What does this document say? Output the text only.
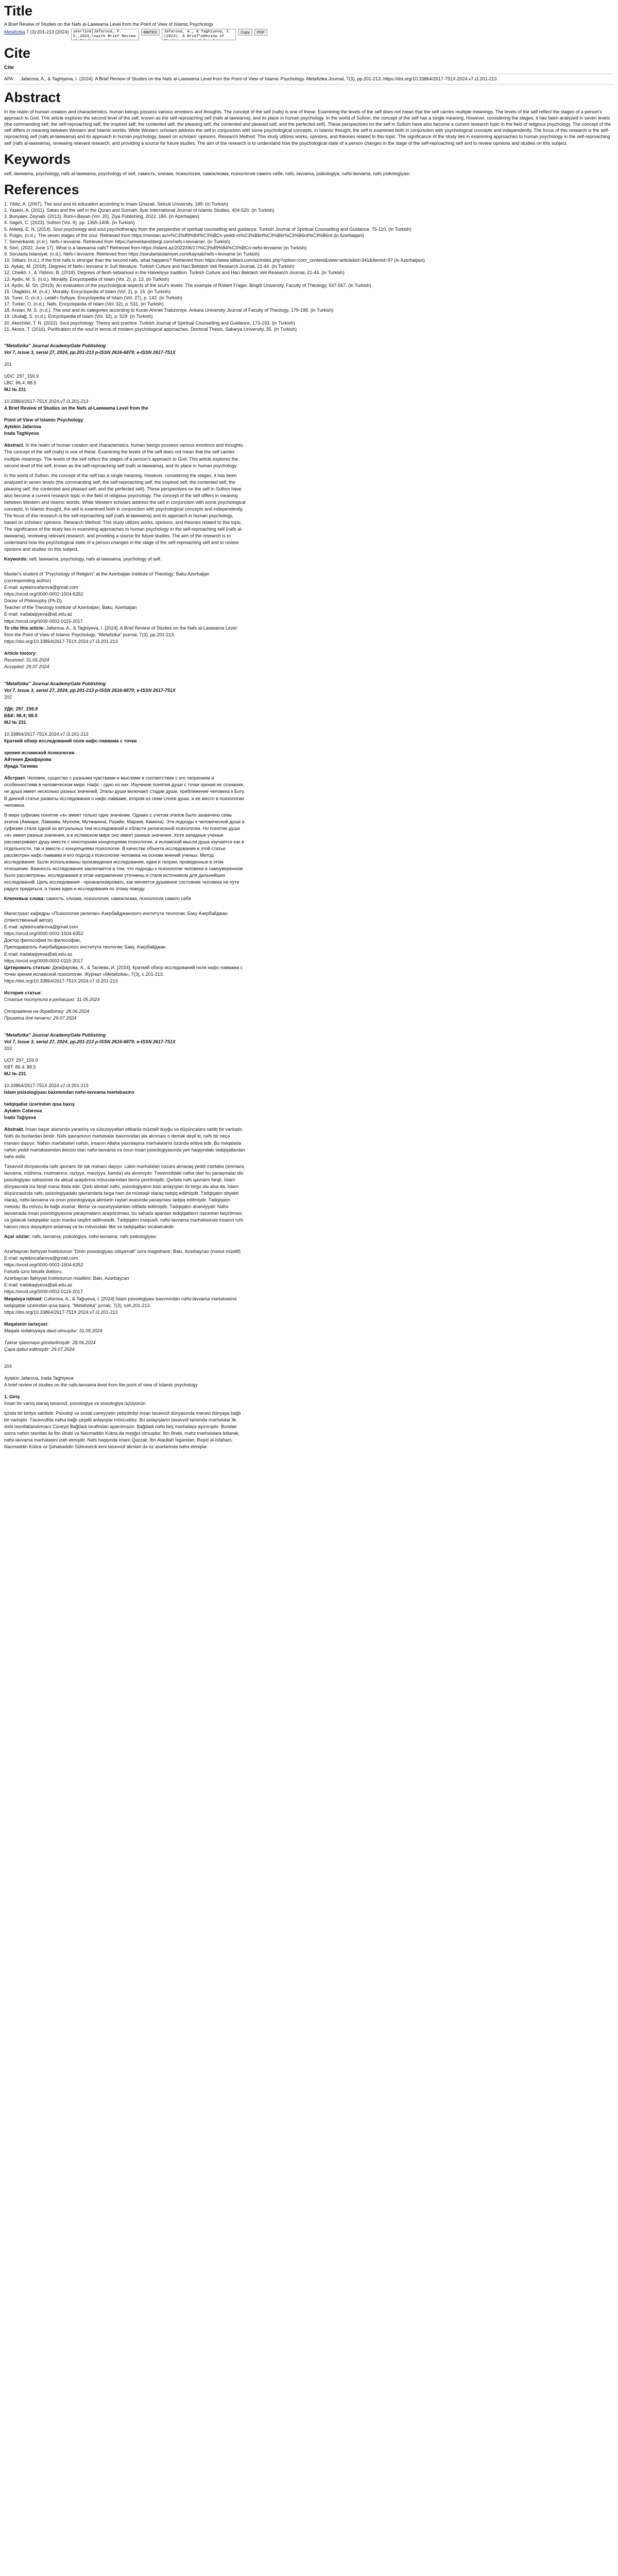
Title

A Brief Review of Studies on the Nafs al-Lawwama Level from the Point of View of Islamic Psychology

Metafizika 7 (3):201-213 (2024)
yearlink[Jafarova, F. S.,2024,\nwith Brief Review of Studies on the	BIBTEX
Jafarova, A., & Taghiyeva, I. (2024). A Brief\nReview of Studies on the Nafs al-Lawwama	Copy	PDF
Cite
Cite
APA Jafarova, A., & Taghiyeva, I. (2024). A Brief Review of Studies on the Nafs al-Lawwama Level from the Point of View of Islamic Psychology. Metafizika Journal, 7(3), pp.201-213. https://doi.org/10.33864/2617-751X.2024.v7.i3.201-213
Abstract

In the realm of human creation and characteristics, human beings possess various emotions and thoughts. The concept of the self (nafs) is one of these. Examining the levels of the self does not mean that the self carries multiple meanings. The levels of the self reflect the stages of a person's approach to God. This article explores the second level of the self, known as the self-reproaching self (nafs al-lawwama), and its place in human psychology. In the world of Sufism, the concept of the self has a single meaning. However, considering the stages, it has been analyzed in seven levels (the commanding self, the self-reproaching self, the inspired self, the contented self, the pleasing self, the contented and pleased self, and the perfected self). These perspectives on the self in Sufism have also become a current research topic in the field of religious psychology. The concept of the self differs in meaning between Western and Islamic worlds. While Western scholars address the self in conjunction with some psychological concepts, in Islamic thought, the self is examined both in conjunction with psychological concepts and independently. The focus of this research is the self-reproaching self (nafs al-lawwama) and its approach in human psychology, based on scholars' opinions. Research Method: This study utilizes works, opinions, and theories related to this topic. The significance of the study lies in examining approaches to human psychology in the self-reproaching self (nafs al-lawwama), reviewing relevant research, and providing a source for future studies. The aim of the research is to understand how the psychological state of a person changes in the stage of the self-reproaching self and to review opinions and studies on this subject.

Keywords

self, lawwama, psychology, nafs al-lawwama, psychology of self, самость, клизма, психология, самоклизма, психология самого себя, nəfs, lavvama, psikologiya, nəfsi-lavvama, nəfs psikologiyası

References
1. Yildiz, A. (2007). The soul and its education according to Imam Ghazali. Selcuk University, 189. (in Turkish)
2. Yasein, A. (2011). Satan and the self in the Quran and Sunnah. Ilyar International Journal of Islamic Studies, 404-520. (in Turkish)
3. Bunyaev, Zeynab. (2013). Ruhi-i-Bayan (Vol. 20). Ziya Publishing, 2022, 184. (in Azerbaijani)
4. Sagirli, C. (2023). Sufism (Vol. 9). pp. 1365-1406. (in Turkish)
5. Aldeeji, E. N. (2014). Soul psychology and soul psychotherapy from the perspective of spiritual counselling and guidance. Turkish Journal of Spiritual Counselling and Guidance, 75-110. (in Turkish)
6. Pulgin, (n.d.). The seven stages of the soul. Retrieved from https://mindan.az/v%C3%89%84%C3%BCn-yeddi-m%C3%B6rt%C3%B6r%C3%B6rd%C3%B6rd (in Azerbaijani)
7. Semerkandi. (n.d.). Nefs-i levvame. Retrieved from https://semerkanddergi.com/nefs-i-levvame/. (in Turkish)
8. Sisri, (2022, June 17). What is a lawwama nafs? Retrieved from https://islami.az/2022/06/17/%C3%89%84%C3%BCn-nefsi-levvame/ (in Turkish)
9. Sorularla Islamiyet. (n.d.). Nefs-i levvame. Retrieved from https://sorularlaislamiyet.com/kaynak/nefs-i-levvame (in Turkish)
10. Siltlani, (n.d.). If the first nafs is stronger than the second nafs, what happens? Retrieved from https://www.siltlani.com/az/index.php?option=com_content&view=article&id=341&Itemid=97 (in Azerbaijani)
11. Aykaç, M. (2018). Degrees of Nefs-i levvame in Sufi literature. Turkish Culture and Haci Bektash Veli Research Journal, 21-44. (in Turkish)
12. Cheikh, I., & Yildirim, B. (2018). Degrees of flesh-sebia/soul in the Halvetiyye tradition. Turkish Culture and Haci Bektash Veli Research Journal, 21-44. (in Turkish)
13. Aydin, M. S. (n.d.). Morality. Encyclopedia of Islam (Vol. 2), p. 13. (in Turkish)
14. Aydin, M. Sh. (2019). An evaluation of the psychological aspects of the soul's levels: The example of Robert Frager. Bingöl University, Faculty of Theology, 547-567. (in Turkish)
15. Ülagiklici, M. (n.d.). Morality. Encyclopedia of Islam (Vol. 2), p. 15. (in Turkish)
16. Turer, O. (n.d.). Letaif-i Sufiyye. Encyclopedia of Islam (Vol. 27), p. 143. (in Turkish)
17. Turker, O. (n.d.). Nafs. Encyclopedia of Islam (Vol. 32), p. 531. (in Turkish)
18. Arslan, M. S. (n.d.). The soul and its categories according to Kuran Ahmet Trabzoniye. Ankara University Journal of Faculty of Theology, 179-198. (in Turkish)
19. Uludağ, S. (n.d.). Encyclopedia of Islam (Vol. 32), p. 529. (in Turkish)
20. Akechiler, T. N. (2022). Soul psychology: Theory and practice. Turkish Journal of Spiritual Counselling and Guidance, 173-193. (in Turkish)
21. Akooz, T. (2016). Purification of the soul in terms of modern psychological approaches. Doctoral Thesis, Sakarya University, 35. (in Turkish)
"Metafizika" Journal AcademyGate Publishing
Vol 7, Issue 3, serial 27, 2024, pp.201-213 p-ISSN 2616-6879; e-ISSN 2617-751X
201
UDC: 297_159.9
LBC: 86.4; 88.5
MJ № 231
10.33864/2617-751X.2024.v7.i3.201-213
A Brief Review of Studies on the Nafs al-Lawwama Level from the
Point of View of Islamic Psychology
Aytekin Jafarova
Irada Taghiyeva

Abstract. In the realm of human creation and characteristics, human beings possess various emotions and thoughts. The concept of the self (nafs) is one of these. Examining the levels of the self does not mean that the self carries multiple meanings. The levels of the self reflect the stages of a person's approach to God. This article explores the second level of the self, known as the self-reproaching self (nafs al-lawwama), and its place in human psychology.

In the world of Sufism, the concept of the self has a single meaning. However, considering the stages, it has been analyzed in seven levels (the commanding self, the self-reproaching self, the inspired self, the contented self, the pleasing self, the contented and pleased self, and the perfected self). These perspectives on the self in Sufism have also become a current research topic in the field of religious psychology. The concept of the self differs in meaning between Western and Islamic worlds. While Western scholars address the self in conjunction with some psychological concepts, in Islamic thought, the self is examined both in conjunction with psychological concepts and independently. The focus of this research is the self-reproaching self (nafs al-lawwama) and its approach in human psychology, based on scholars' opinions. Research Method: This study utilizes works, opinions, and theories related to this topic. The significance of the study lies in examining approaches to human psychology in the self-reproaching self (nafs al-lawwama), reviewing relevant research, and providing a source for future studies. The aim of the research is to understand how the psychological state of a person changes in the stage of the self-reproaching self and to review opinions and studies on this subject.

Keywords: self, lawwama, psychology, nafs al-lawwama, psychology of self.

Master's student of "Psychology of Religion" at the Azerbaijan Institute of Theology; Baku Azerbaijan
(corresponding author)
E-mail: aytekincafarova@gmail.com
https://orcid.org/0000-0002-1504-6352
Doctor of Philosophy (Ph.D),
Teacher of the Theology Institute of Azerbaijan; Baku, Azerbaijan
E-mail: iradataqiyeva@ait.edu.az
https://orcid.org/0009-0002-0115-2017
To cite this article: Jafarova, A., & Taghiyeva, I. [2024]. A Brief Review of Studies on the Nafs al-Lawwama Level from the Point of View of Islamic Psychology. "Metafizika" journal, 7(3), pp.201-213.
https://doi.org/10.33864/2617-751X.2024.v7.i3.201-213
Article history:
Received: 31.05.2024
Accepted: 29.07.2024
"Metafizika" Journal AcademyGate Publishing
Vol 7, Issue 3, serial 27, 2024, pp.201-213 p-ISSN 2616-6879; e-ISSN 2617-751X
202
УДК: 297_159.9
ББК: 86.4; 88.5
MJ № 231
10.33864/2617-751X.2024.v7.i3.201-213
Краткий обзор исследований поля нафс-лаввама с точки
зрения исламской психологии
Айтекин Джафарова
Ирада Тагиева

Абстракт. Человек, существо с разными чувствами и мыслями в соответствии с его творением и особенностями в человеческом мире. Нафс - одно из них. Изучение понятия души с точки зрения ее сознания, не душа имеет несколько разных значений. Этапы души включают стадии души, приближение человека к Богу. В данной статье развиты исследования о нафс-лавваме, втором из семи слоев души, и ее место в психологии человека.

В мире суфизма понятие «я» имеет только одно значение. Однако с учетом этапов было захвачено семь этапов (Аммаре, Лаввама, Мулхем, Мутмаинна, Разийе, Марзия, Камила). Эти подходы к человеческой душе в суфизме стали одной из актуальных тем исследований в области религиозной психологии. Но понятие души «я» имеет разные значения, а в исламском мире оно имеет разные значения. Хотя западные ученые рассматривают душу вместе с некоторыми концепциями психологии, в исламской мысли душа изучается как в отдельности, так и вместе с концепциями психологии. В качестве объекта исследования в этой статье рассмотрен нафс-лаввама и его подход к психологии человека на основе мнений ученых. Метод исследования: Были использованы произведения исследования, идеи и теории, проведенные в этом отношении. Важность исследования заключается в том, что подходы к психологии человека в самоуверенном было рассмотрены, исследования в этом направлении уточнены и стали источником для дальнейших исследований. Цель исследования - проанализировать, как меняется душевное состояние человека на пути радуге придаться, а также идеи и исследования по этому поводу.

Ключевые слова: самость, клизма, психология, самоклизма, психология самого себя

Магистрант кафедры «Психология религии» Азербайджанского института теологии; Баку Азербайджан
(ответственный автор)
E-mail: aytekincafarova@gmail.com
https://orcid.org/0000-0002-1504-6352
Доктор философии по философии,
Преподаватель Азербайджанского института теологии; Баку, Азербайджан
E-mail: iradataqiyeva@ait.edu.az
https://orcid.org/0009-0002-0115-2017
Цитировать статью: Джафарова, А., & Тагиева, И. [2024]. Краткий обзор исследований поля нафс-лаввама с точки зрения исламской психологии. Журнал «Metafizika», 7(3), с.201-213.
https://doi.org/10.33864/2617-751X.2024.v7.i3.201-213
История статьи:
Статья поступила в редакцию: 31.05.2024
Отправлена на доработку: 28.06.2024
Принята для печати: 29.07.2024
"Metafizika" Journal AcademyGate Publishing
Vol 7, Issue 3, serial 27, 2024, pp.201-213 p-ISSN 2616-6879; e-ISSN 2617-751X
203
UOT: 297_159.9
KBT: 86.4; 88.5
MJ № 231
10.33864/2617-751X.2024.v7.i3.201-213
İslam psixologiyası baxımından nəfsi-lavvama mərtəbəsinə
tədqiqatlar üzərindən qısa baxış
Aytəkin Cəfərova
İradə Tağıyeva

Abstrakt. İnsan başar aləmində yaradılış və xüsusiyyətləri etibarilə müxtəlif duyğu və düşüncələrə sahib bir varlıqdır. Nəfs də bunlardan biridir. Nəfs qavramının mərtəbələr baxımından ələ alınması o demək deyil ki, nəfs bir neçə mənanı daşıyır. Nəfsin mərtəbələri nəfsin, insanın Allaha yaxınlaşma mərhələlərini özündə ehtiva edir. Bu məqalədə nəfsin yeddi mərtəbəsindən ikincisi olan nəfsi-lavvama və onun insan psixologiyasında yeri haqqındakı tədqiqatlardan bəhs edilir.

Təsəvvüf dünyasında nəfs qavramı bir tək mənanı daşıyır. Lakin mərhələləri nəzərə alınaraq yeddi mərtəbə (əmmarə, lavvamə, mülhimə, mutmainnə, raziyyə, mərziyyə, kamilə) ələ alınmışdır. Təsəvvüfdəki nəfsə olan bu yanaşmalar din psixologiyası sahəsində də aktual araşdırma mövzularından birinə çevrilmişdir. Qərbdə nəfs qavramı fərqli, İslam dünyasında isə fərqli məna ifadə edir. Qərb alimləri nəfsi, psixologiyanın bəzi anlayışları ilə birgə ələ alsa da, İslam düşüncəsində nəfs, psixologiyadakı qavramlarla birgə həm də müstəqil olaraq tədqiq edilmişdir. Tədqiqatın obyekti olaraq, nəfsi-lavvama və onun psixologiyaya alimlərin rəyləri əsasında yanaşması tədqiq edilmişdir. Tədqiqatın metodu: Bu mövzu ilə bağlı əsərlər, fikirlər və nəzəriyyələrdən istifadə edilmişdir. Tədqiqatın əhəmiyyəti: Nəfsi-lavvamada insan psixologiyasına yanaşmaların araşdırılması, bu sahədə aparılan tədqiqatların nəzərdən keçirilməsi və gələcək tədqiqatlar üçün mənbə təqdim edilməsidir. Tədqiqatın məqsədi, nəfsi-lavvama mərhələsində insanın ruhi halının necə dəyişdiyini anlamaq və bu mövzudakı fikir və tədqiqatları incələməkdir.

Açar sözlər: nəfs, lavvama, psikologiya, nəfsi-lavvama, nəfs psikologiyası

Azərbaycan İlahiyyat İnstitutunun "Dinin psixologiyası istiqaməti" üzrə magistrantı; Bakı, Azərbaycan (məsul müəllif)
E-mail: aytekincafarova@gmail.com
https://orcid.org/0000-0002-1504-6352
Fəlsəfə üzrə fəlsəfə doktoru,
Azərbaycan İlahiyyat İnstitutunun müəllimi; Bakı, Azərbaycan
E-mail: iradataqiyeva@ait.edu.az
https://orcid.org/0009-0002-0115-2017
Məqaləyə istinad: Cəfərova, A., & Tağıyeva, İ. [2024] İslam psixologiyası baxımından nəfsi-lavvama mərtəbəsinə tədqiqatlar üzərindən qısa baxış. "Metafizika" jurnalı, 7(3), səh.201-213.
https://doi.org/10.33864/2617-751X.2024.v7.i3.201-213
Məqalənin tarixçəsi:
Məqalə redaksiyaya daxil olmuşdur: 31.05.2024
Təkrar işlənməyə göndərilmişdir: 28.06.2024
Çapa qəbul edilmişdir: 29.07.2024
204
Aytekin Jafarova, Irada Taghiyeva
A brief review of studies on the nafs-lavvama level from the point of view of Islamic psychology
1. Giriş

İnsan bir varlıq olaraq təsəvvüf, psixologiya və sosiologiya üçlüyünün

içində bir birliyə sahibdir. Psixoloji və sosial cəmiyyətin yetişdirdiyi insan təsəvvüf dünyasında mənəvi dünyaya bağlı bir varlıqdır. Təsəvvüfdə nəfsə bağlı çeşidli anlayışlar mövcuddur. Bu anlayışların təsəvvüf tarixində mərhələlər ilk dəfə təsnifatlandırmanı Cüneyd Bağdadi tərəfindən aparılmışdır. Bağdadi nəfsi beş mərhələyə ayırmışdır. Bundan sonra nəfsin təsnifatı ilə İbn Ərəbi və Nəcməddin Kübra da məşğul olmuşdur. İbn Ərəbi, məhz mərhələlərə bölərək, nəfsi-lavvama mərhələsini izah etmişdir. Nəfs haqqında İmam Qəzzali, İbn Ataullah İsgəndəri, Rəşid əl-İsfahani, Nəcməddin Kübra və Şəhabəddin Sührəverdi kimi təsəvvüf alimləri də öz əsərlərində bəhs etmişlər.
